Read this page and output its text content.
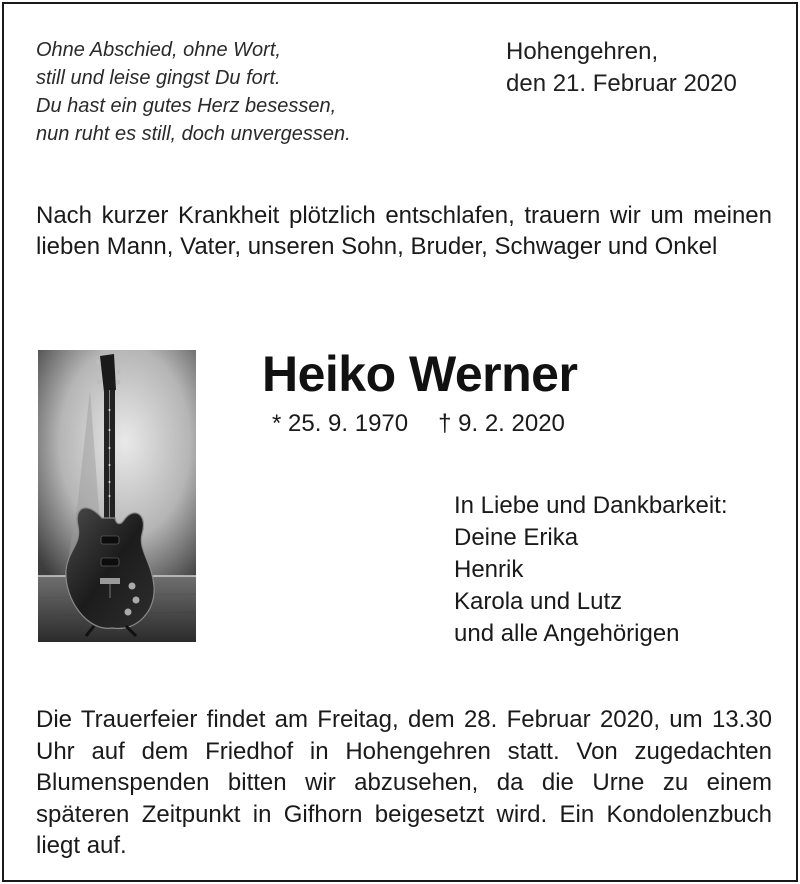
Ohne Abschied, ohne Wort,
still und leise gingst Du fort.
Du hast ein gutes Herz besessen,
nun ruht es still, doch unvergessen.
Hohengehren,
den 21. Februar 2020
Nach kurzer Krankheit plötzlich entschlafen, trauern wir um meinen lieben Mann, Vater, unseren Sohn, Bruder, Schwager und Onkel
Heiko Werner
* 25. 9. 1970 † 9. 2. 2020
In Liebe und Dankbarkeit:
Deine Erika
Henrik
Karola und Lutz
und alle Angehörigen
Die Trauerfeier findet am Freitag, dem 28. Februar 2020, um 13.30 Uhr auf dem Friedhof in Hohengehren statt. Von zugedachten Blumenspenden bitten wir abzusehen, da die Urne zu einem späteren Zeitpunkt in Gifhorn beigesetzt wird. Ein Kondolenzbuch liegt auf.
